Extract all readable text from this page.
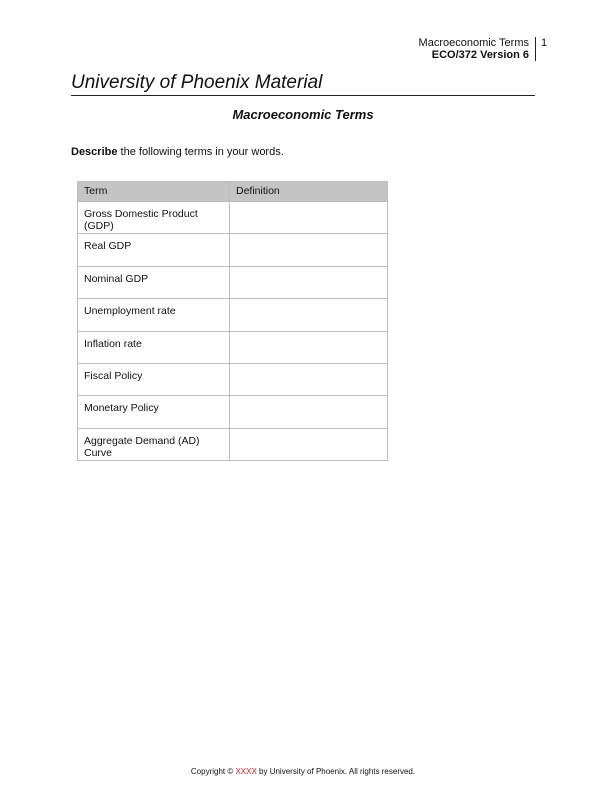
Macroeconomic Terms
ECO/372 Version 6
1
University of Phoenix Material
Macroeconomic Terms
Describe the following terms in your words.
Term	Definition
Gross Domestic Product (GDP)	
Real GDP	
Nominal GDP	
Unemployment rate	
Inflation rate	
Fiscal Policy	
Monetary Policy	
Aggregate Demand (AD) Curve	
Copyright © XXXX by University of Phoenix. All rights reserved.
